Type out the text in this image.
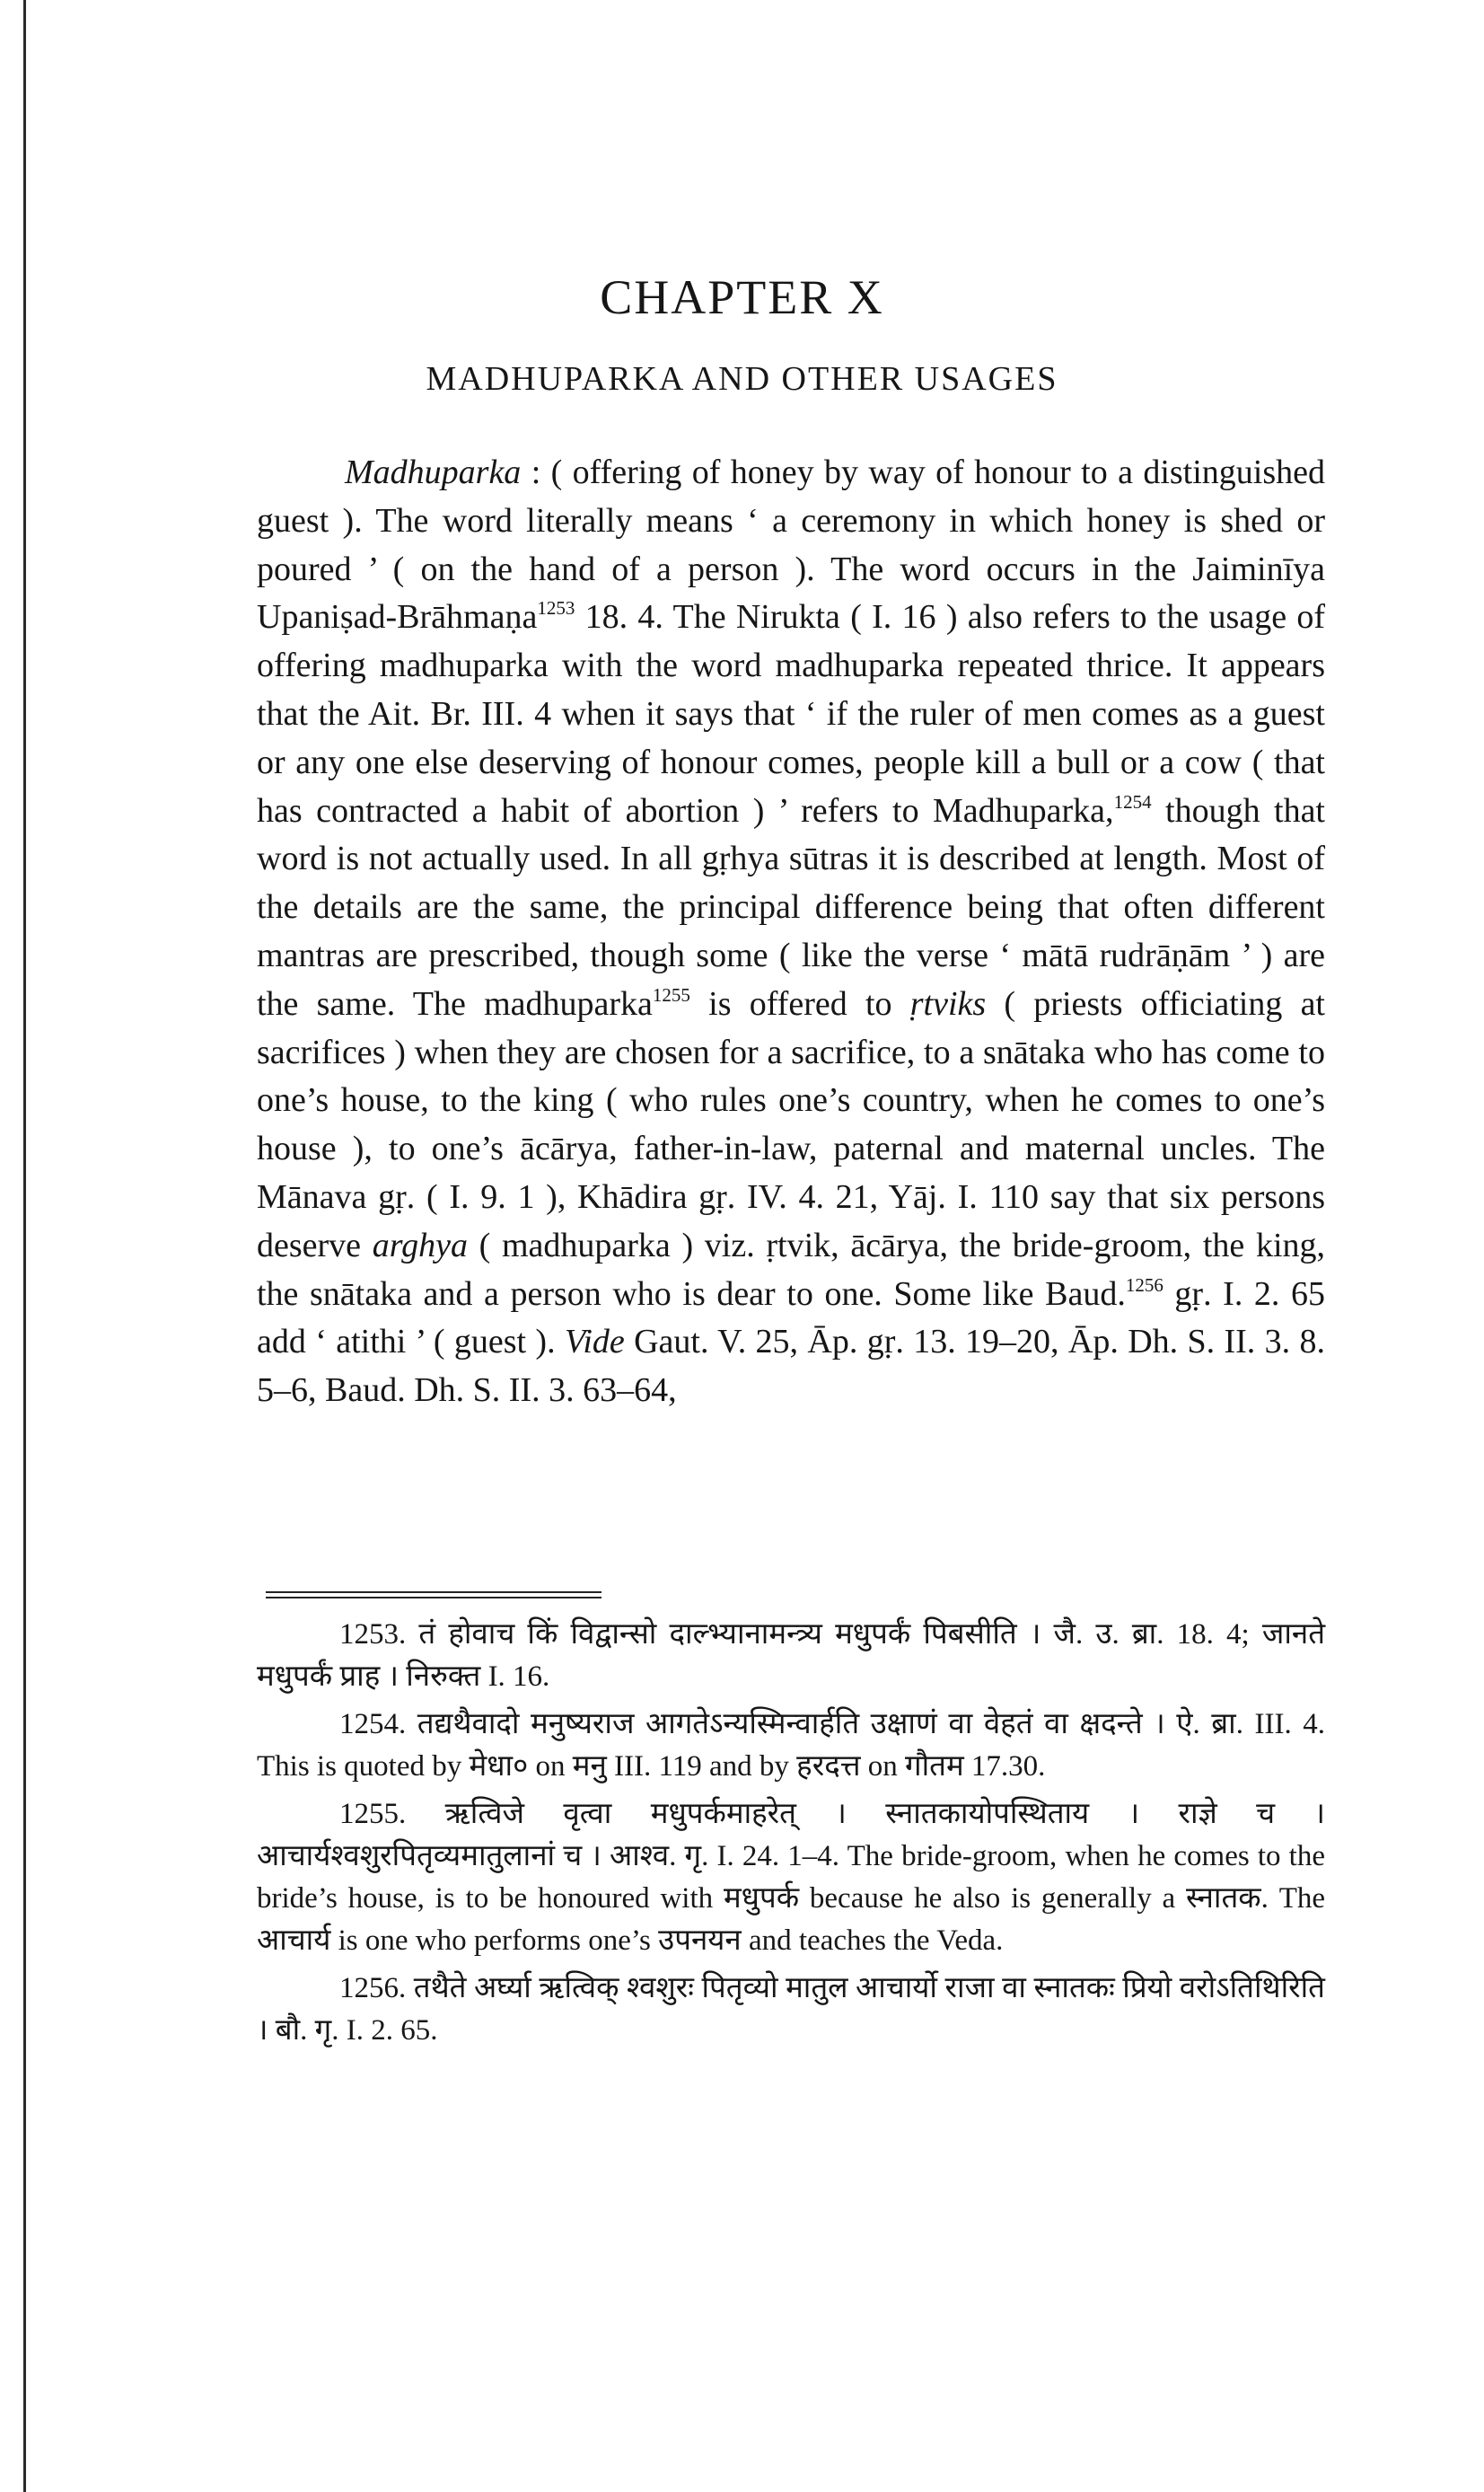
CHAPTER X
MADHUPARKA AND OTHER USAGES

Madhuparka : ( offering of honey by way of honour to a distinguished guest ). The word literally means ‘ a ceremony in which honey is shed or poured ’ ( on the hand of a person ). The word occurs in the Jaiminīya Upaniṣad-Brāhmaṇa$^{1253}$ 18. 4. The Nirukta ( I. 16 ) also refers to the usage of offering madhuparka with the word madhuparka repeated thrice. It appears that the Ait. Br. III. 4 when it says that ‘ if the ruler of men comes as a guest or any one else deserving of honour comes, people kill a bull or a cow ( that has contracted a habit of abortion ) ’ refers to Madhuparka,$^{1254}$ though that word is not actually used. In all gṛhya sūtras it is described at length. Most of the details are the same, the principal difference being that often different mantras are prescribed, though some ( like the verse ‘ mātā rudrāṇām ’ ) are the same. The madhuparka$^{1255}$ is offered to ṛtviks ( priests officiating at sacrifices ) when they are chosen for a sacrifice, to a snātaka who has come to one’s house, to the king ( who rules one’s country, when he comes to one’s house ), to one’s ācārya, father-in-law, paternal and maternal uncles. The Mānava gṛ. ( I. 9. 1 ), Khādira gṛ. IV. 4. 21, Yāj. I. 110 say that six persons deserve arghya ( madhuparka ) viz. ṛtvik, ācārya, the bride-groom, the king, the snātaka and a person who is dear to one. Some like Baud.$^{1256}$ gṛ. I. 2. 65 add ‘ atithi ’ ( guest ). Vide Gaut. V. 25, Āp. gṛ. 13. 19–20, Āp. Dh. S. II. 3. 8. 5–6, Baud. Dh. S. II. 3. 63–64,

1253. तं होवाच किं विद्वान्सो दाल्भ्यानामन्त्र्य मधुपर्कं पिबसीति । जै. उ. ब्रा. 18. 4; जानते मधुपर्कं प्राह । निरुक्त I. 16.

1254. तद्यथैवादो मनुष्यराज आगतेऽन्यस्मिन्वार्हति उक्षाणं वा वेहतं वा क्षदन्ते । ऐ. ब्रा. III. 4. This is quoted by मेधा० on मनु III. 119 and by हरदत्त on गौतम 17.30.

1255. ऋत्विजे वृत्वा मधुपर्कमाहरेत् । स्नातकायोपस्थिताय । राज्ञे च । आचार्यश्वशुरपितृव्यमातुलानां च । आश्व. गृ. I. 24. 1–4. The bride-groom, when he comes to the bride’s house, is to be honoured with मधुपर्क because he also is generally a स्नातक. The आचार्य is one who performs one’s उपनयन and teaches the Veda.

1256. तथैते अर्घ्या ऋत्विक् श्वशुरः पितृव्यो मातुल आचार्यो राजा वा स्नातकः प्रियो वरोऽतिथिरिति । बौ. गृ. I. 2. 65.
